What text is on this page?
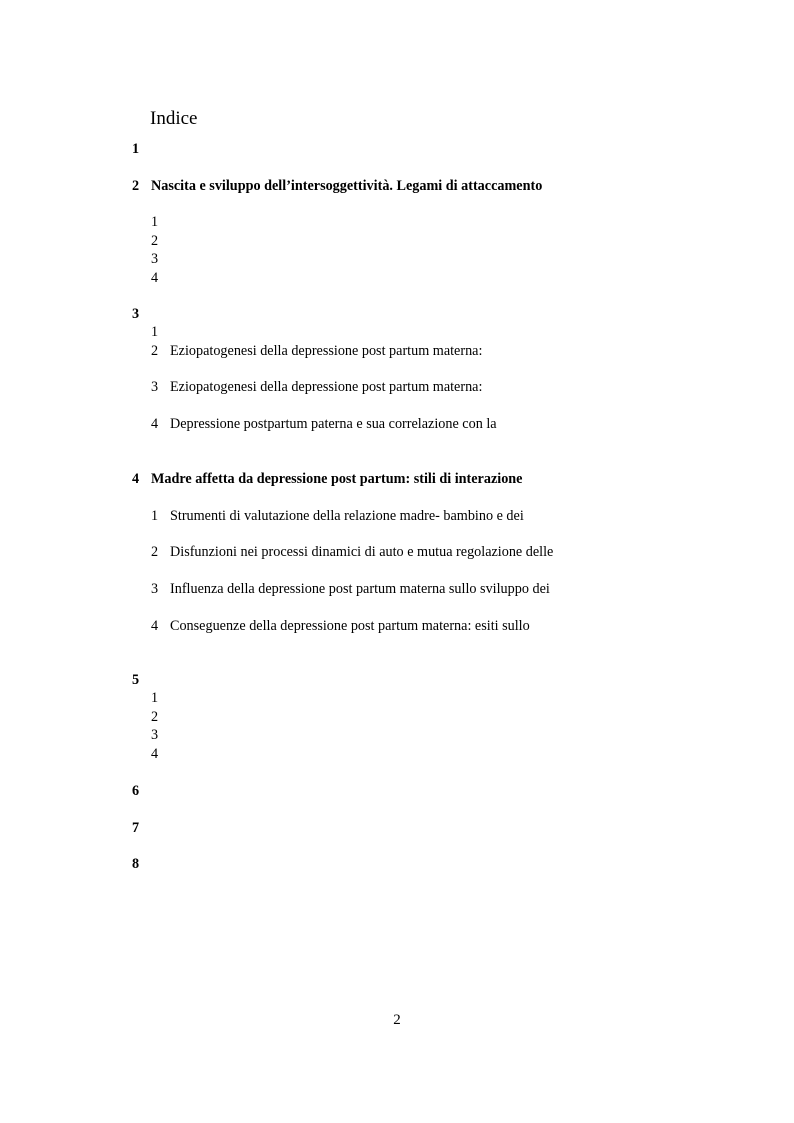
Indice
1
2 Nascita e sviluppo dell’intersoggettività. Legami di attaccamento
1
2
3
4
3
1
2 Eziopatogenesi della depressione post partum materna:
3 Eziopatogenesi della depressione post partum materna:
4 Depressione postpartum paterna e sua correlazione con la
4 Madre affetta da depressione post partum: stili di interazione
1 Strumenti di valutazione della relazione madre- bambino e dei
2 Disfunzioni nei processi dinamici di auto e mutua regolazione delle
3 Influenza della depressione post partum materna sullo sviluppo dei
4 Conseguenze della depressione post partum materna: esiti sullo
5
1
2
3
4
6
7
8
2
